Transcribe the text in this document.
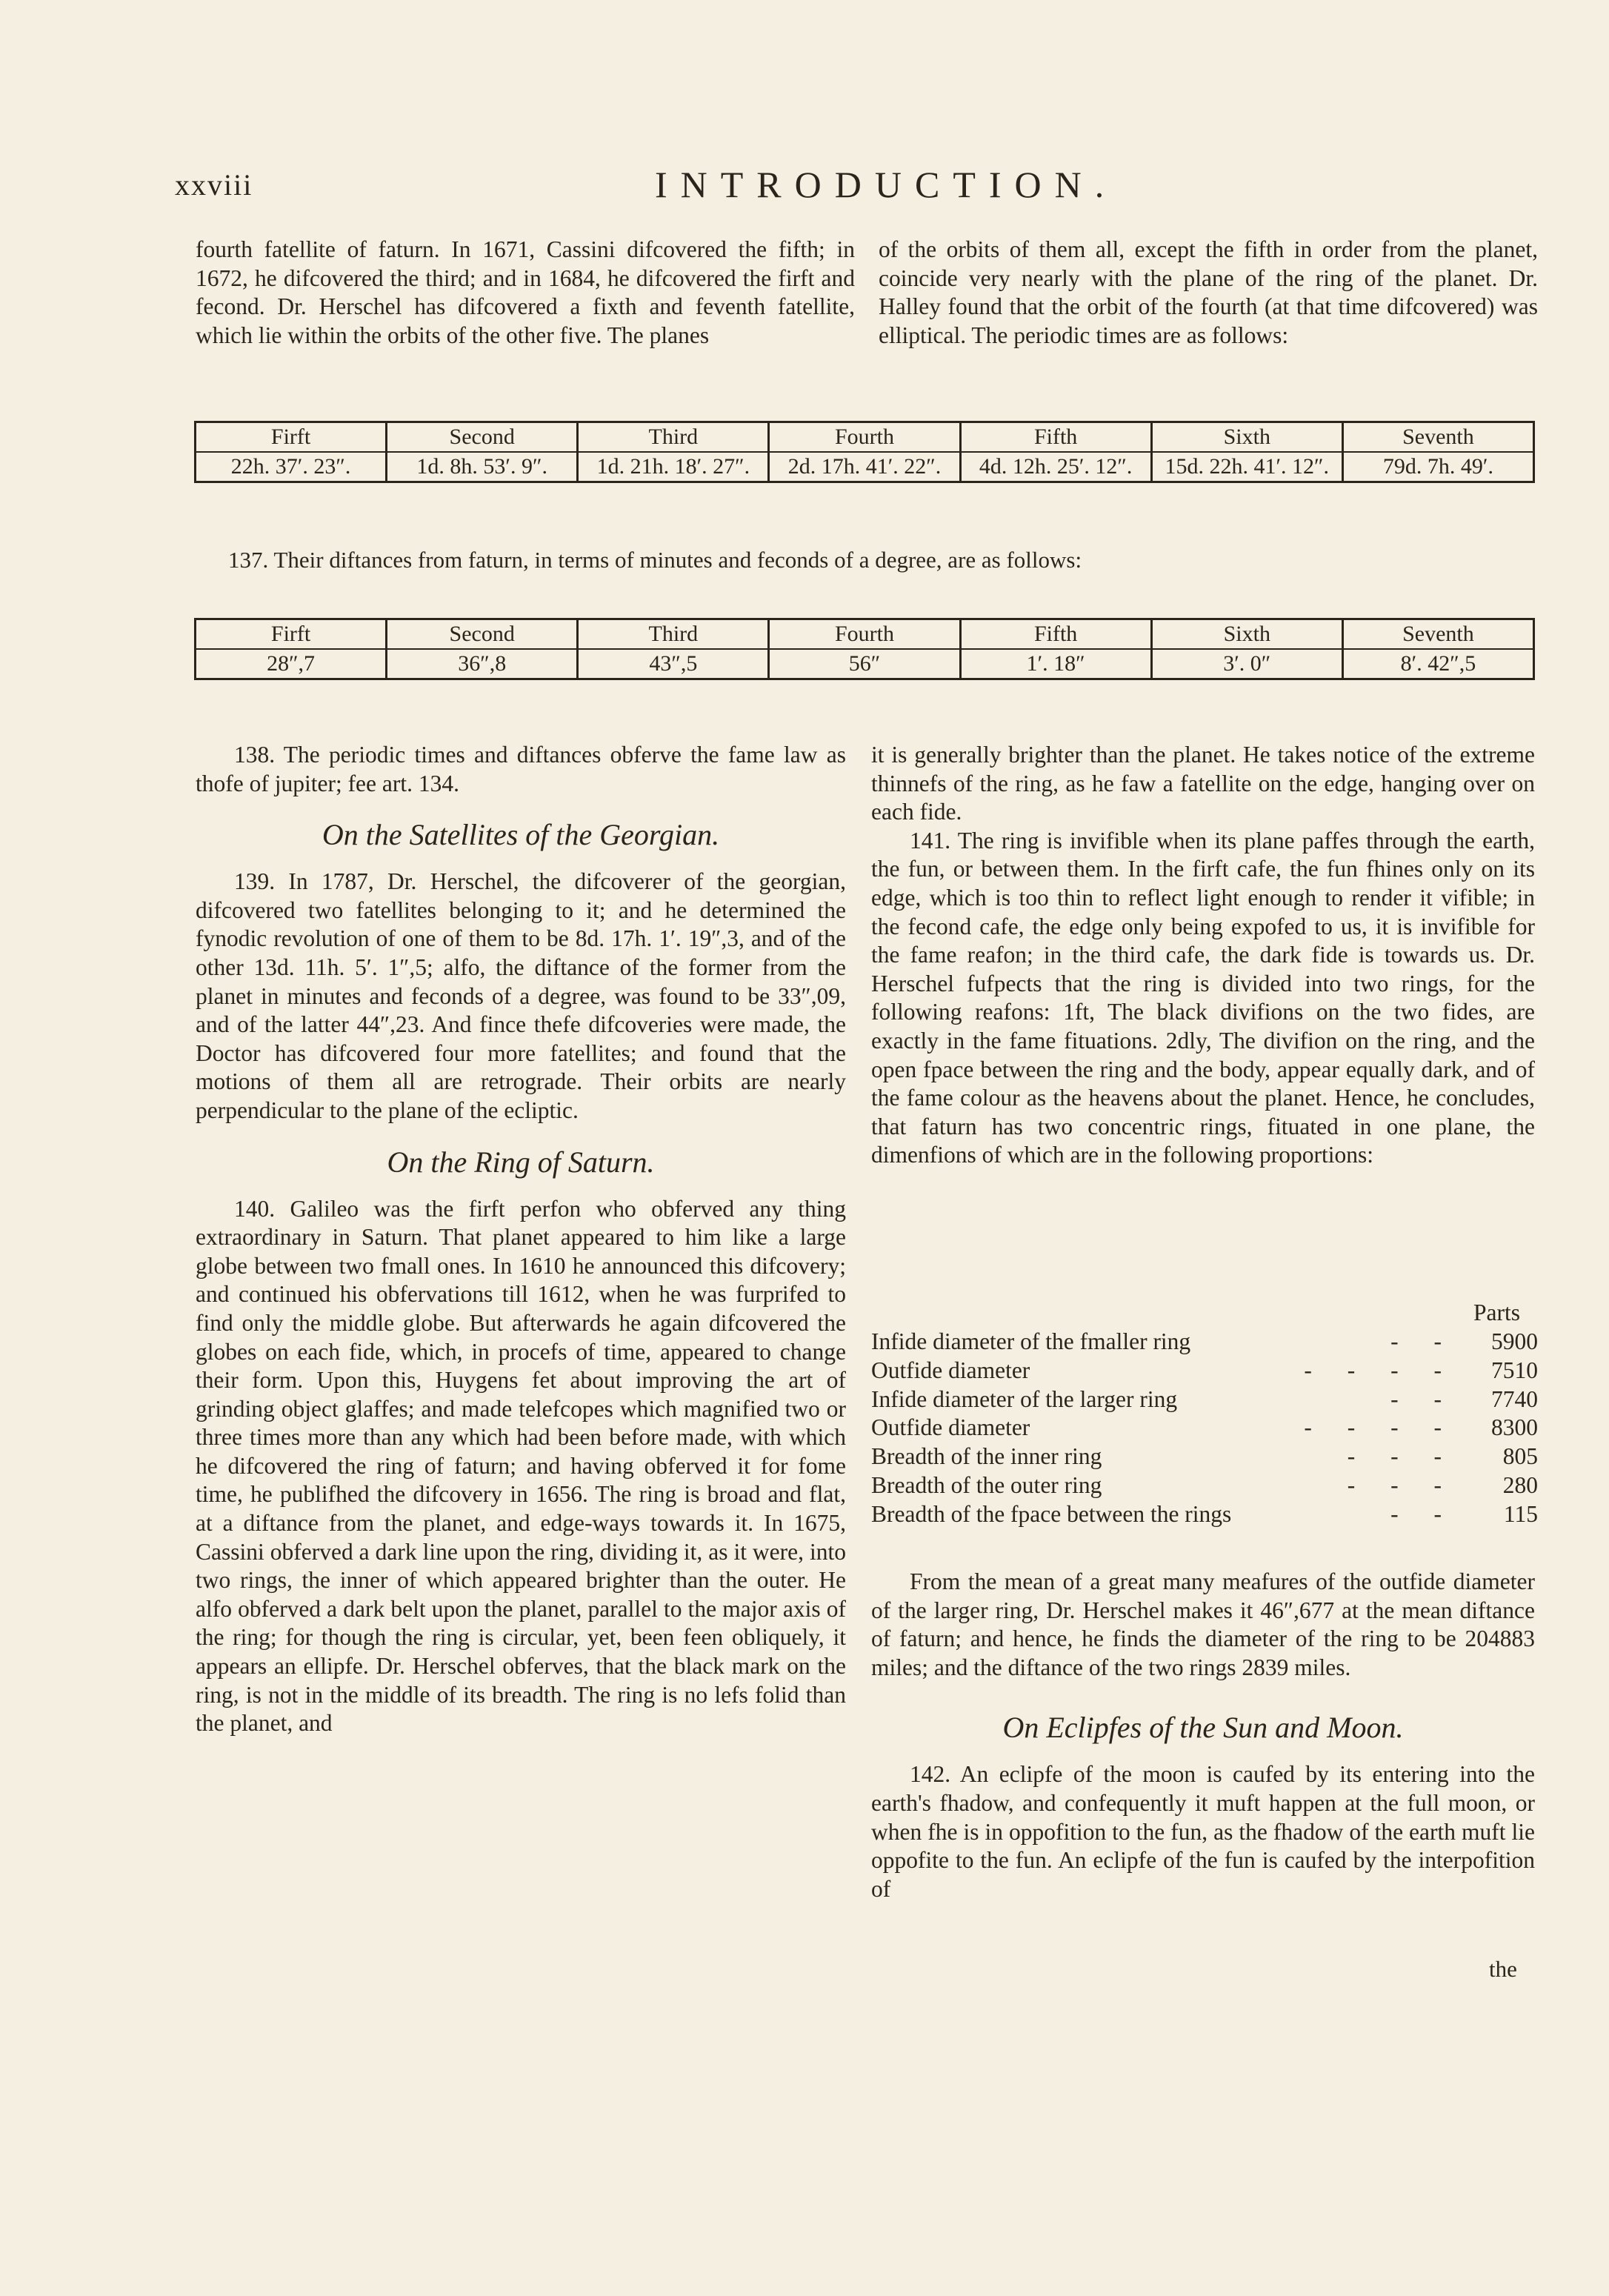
xxviii	INTRODUCTION.

fourth fatellite of faturn. In 1671, Cassini difcovered the fifth; in 1672, he difcovered the third; and in 1684, he difcovered the firft and fecond. Dr. Herschel has difcovered a fixth and feventh fatellite, which lie within the orbits of the other five. The planes

of the orbits of them all, except the fifth in order from the planet, coincide very nearly with the plane of the ring of the planet. Dr. Halley found that the orbit of the fourth (at that time difcovered) was elliptical. The periodic times are as follows:

Firft	Second	Third	Fourth	Fifth	Sixth	Seventh
22h. 37′. 23″.	1d. 8h. 53′. 9″.	1d. 21h. 18′. 27″.	2d. 17h. 41′. 22″.	4d. 12h. 25′. 12″.	15d. 22h. 41′. 12″.	79d. 7h. 49′.
137. Their diftances from faturn, in terms of minutes and feconds of a degree, are as follows:
Firft	Second	Third	Fourth	Fifth	Sixth	Seventh
28″,7	36″,8	43″,5	56″	1′. 18″	3′. 0″	8′. 42″,5

138. The periodic times and diftances obferve the fame law as thofe of jupiter; fee art. 134.

On the Satellites of the Georgian.

139. In 1787, Dr. Herschel, the difcoverer of the georgian, difcovered two fatellites belonging to it; and he determined the fynodic revolution of one of them to be 8d. 17h. 1′. 19″,3, and of the other 13d. 11h. 5′. 1″,5; alfo, the diftance of the former from the planet in minutes and feconds of a degree, was found to be 33″,09, and of the latter 44″,23. And fince thefe difcoveries were made, the Doctor has difcovered four more fatellites; and found that the motions of them all are retrograde. Their orbits are nearly perpendicular to the plane of the ecliptic.

On the Ring of Saturn.

140. Galileo was the firft perfon who obferved any thing extraordinary in Saturn. That planet appeared to him like a large globe between two fmall ones. In 1610 he announced this difcovery; and continued his obfervations till 1612, when he was furprifed to find only the middle globe. But afterwards he again difcovered the globes on each fide, which, in procefs of time, appeared to change their form. Upon this, Huygens fet about improving the art of grinding object glaffes; and made telefcopes which magnified two or three times more than any which had been before made, with which he difcovered the ring of faturn; and having obferved it for fome time, he publifhed the difcovery in 1656. The ring is broad and flat, at a diftance from the planet, and edge-ways towards it. In 1675, Cassini obferved a dark line upon the ring, dividing it, as it were, into two rings, the inner of which appeared brighter than the outer. He alfo obferved a dark belt upon the planet, parallel to the major axis of the ring; for though the ring is circular, yet, been feen obliquely, it appears an ellipfe. Dr. Herschel obferves, that the black mark on the ring, is not in the middle of its breadth. The ring is no lefs folid than the planet, and

it is generally brighter than the planet. He takes notice of the extreme thinnefs of the ring, as he faw a fatellite on the edge, hanging over on each fide.

141. The ring is invifible when its plane paffes through the earth, the fun, or between them. In the firft cafe, the fun fhines only on its edge, which is too thin to reflect light enough to render it vifible; in the fecond cafe, the edge only being expofed to us, it is invifible for the fame reafon; in the third cafe, the dark fide is towards us. Dr. Herschel fufpects that the ring is divided into two rings, for the following reafons: 1ft, The black divifions on the two fides, are exactly in the fame fituations. 2dly, The divifion on the ring, and the open fpace between the ring and the body, appear equally dark, and of the fame colour as the heavens about the planet. Hence, he concludes, that faturn has two concentric rings, fituated in one plane, the dimenfions of which are in the following proportions:

Parts
Infide diameter of the fmaller ring	- -	5900
Outfide diameter	- - - -	7510
Infide diameter of the larger ring	- -	7740
Outfide diameter	- - - -	8300
Breadth of the inner ring	- - -	805
Breadth of the outer ring	- - -	280
Breadth of the fpace between the rings	- -	115

From the mean of a great many meafures of the outfide diameter of the larger ring, Dr. Herschel makes it 46″,677 at the mean diftance of faturn; and hence, he finds the diameter of the ring to be 204883 miles; and the diftance of the two rings 2839 miles.

On Eclipfes of the Sun and Moon.

142. An eclipfe of the moon is caufed by its entering into the earth's fhadow, and confequently it muft happen at the full moon, or when fhe is in oppofition to the fun, as the fhadow of the earth muft lie oppofite to the fun. An eclipfe of the fun is caufed by the interpofition of

the
